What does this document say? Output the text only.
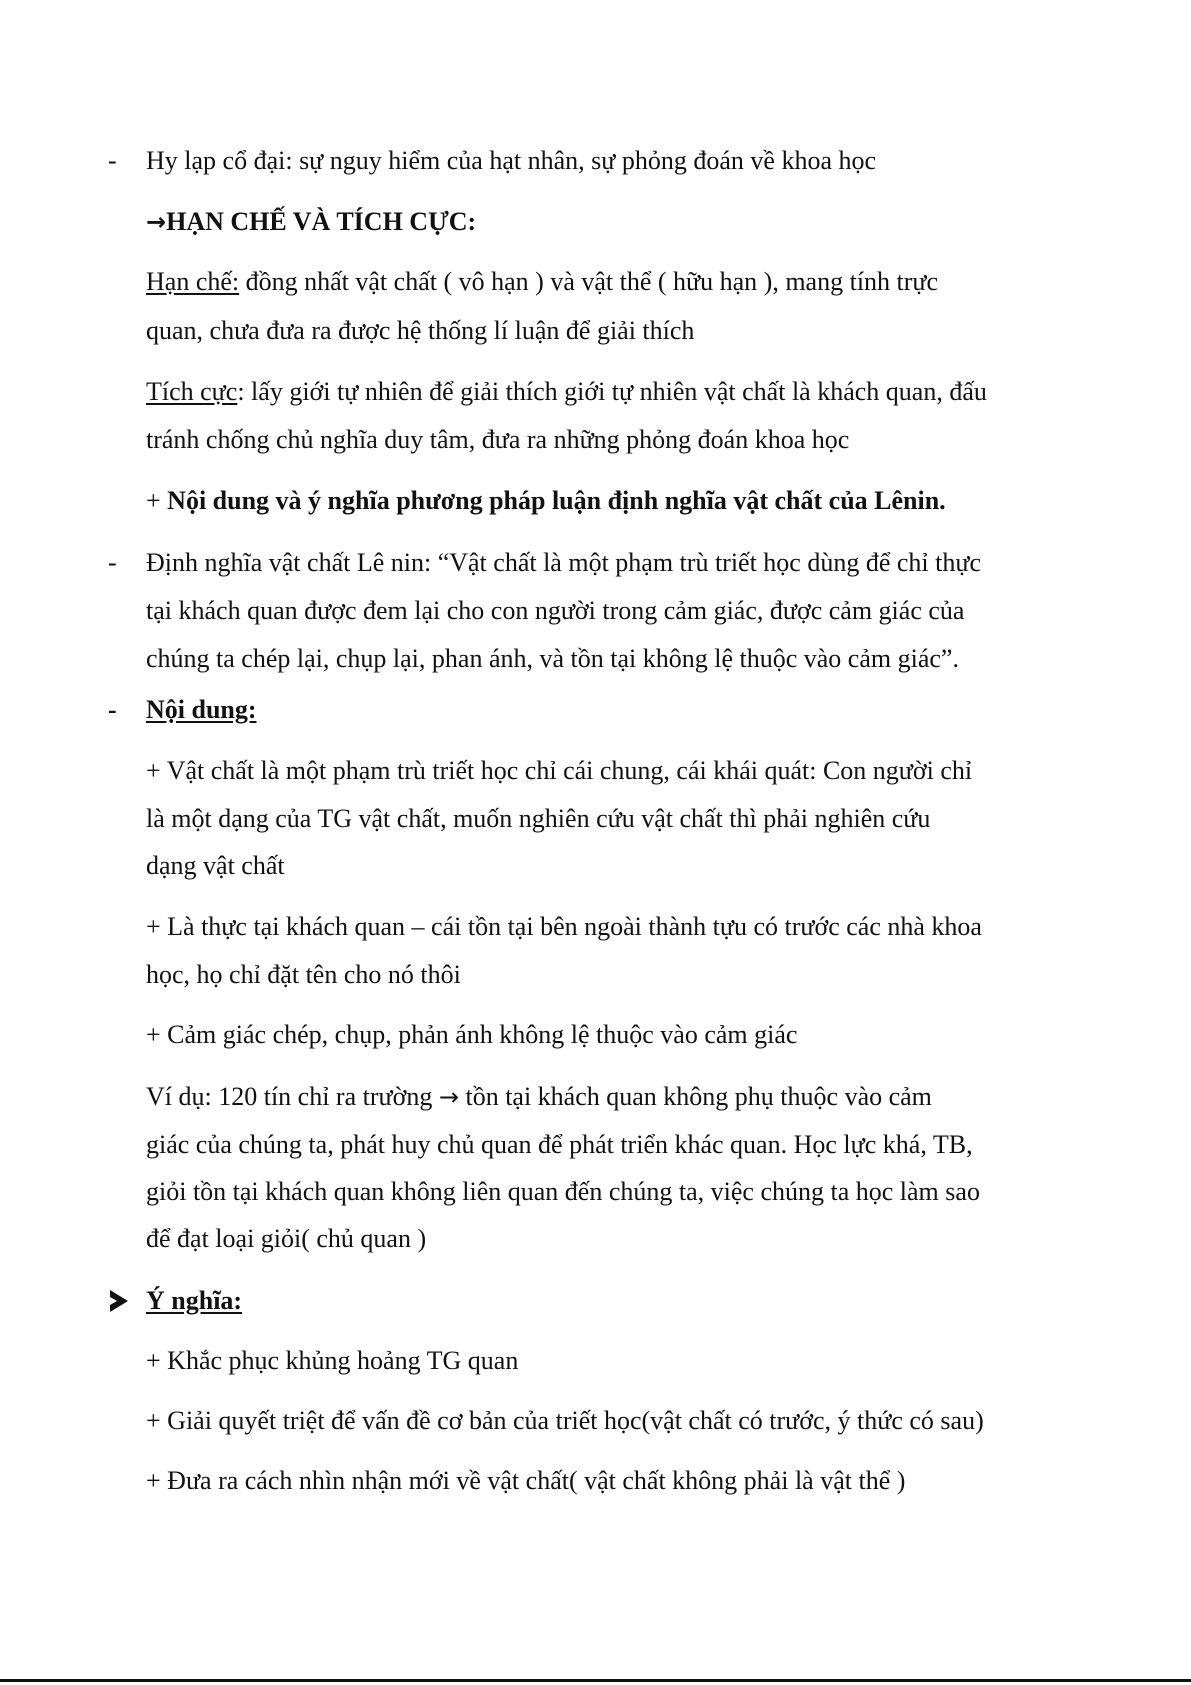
- Hy lạp cổ đại: sự nguy hiểm của hạt nhân, sự phỏng đoán về khoa học
→HẠN CHẾ VÀ TÍCH CỰC:
Hạn chế: đồng nhất vật chất ( vô hạn ) và vật thể ( hữu hạn ), mang tính trực
quan, chưa đưa ra được hệ thống lí luận để giải thích
Tích cực: lấy giới tự nhiên để giải thích giới tự nhiên vật chất là khách quan, đấu
tránh chống chủ nghĩa duy tâm, đưa ra những phỏng đoán khoa học
+ Nội dung và ý nghĩa phương pháp luận định nghĩa vật chất của Lênin.
- Định nghĩa vật chất Lê nin: “Vật chất là một phạm trù triết học dùng để chỉ thực
tại khách quan được đem lại cho con người trong cảm giác, được cảm giác của
chúng ta chép lại, chụp lại, phan ánh, và tồn tại không lệ thuộc vào cảm giác”.
- Nội dung:
+ Vật chất là một phạm trù triết học chỉ cái chung, cái khái quát: Con người chỉ
là một dạng của TG vật chất, muốn nghiên cứu vật chất thì phải nghiên cứu
dạng vật chất
+ Là thực tại khách quan – cái tồn tại bên ngoài thành tựu có trước các nhà khoa
học, họ chỉ đặt tên cho nó thôi
+ Cảm giác chép, chụp, phản ánh không lệ thuộc vào cảm giác
Ví dụ: 120 tín chỉ ra trường → tồn tại khách quan không phụ thuộc vào cảm
giác của chúng ta, phát huy chủ quan để phát triển khác quan. Học lực khá, TB,
giỏi tồn tại khách quan không liên quan đến chúng ta, việc chúng ta học làm sao
để đạt loại giỏi( chủ quan )
Ý nghĩa:
+ Khắc phục khủng hoảng TG quan
+ Giải quyết triệt để vấn đề cơ bản của triết học(vật chất có trước, ý thức có sau)
+ Đưa ra cách nhìn nhận mới về vật chất( vật chất không phải là vật thể )
